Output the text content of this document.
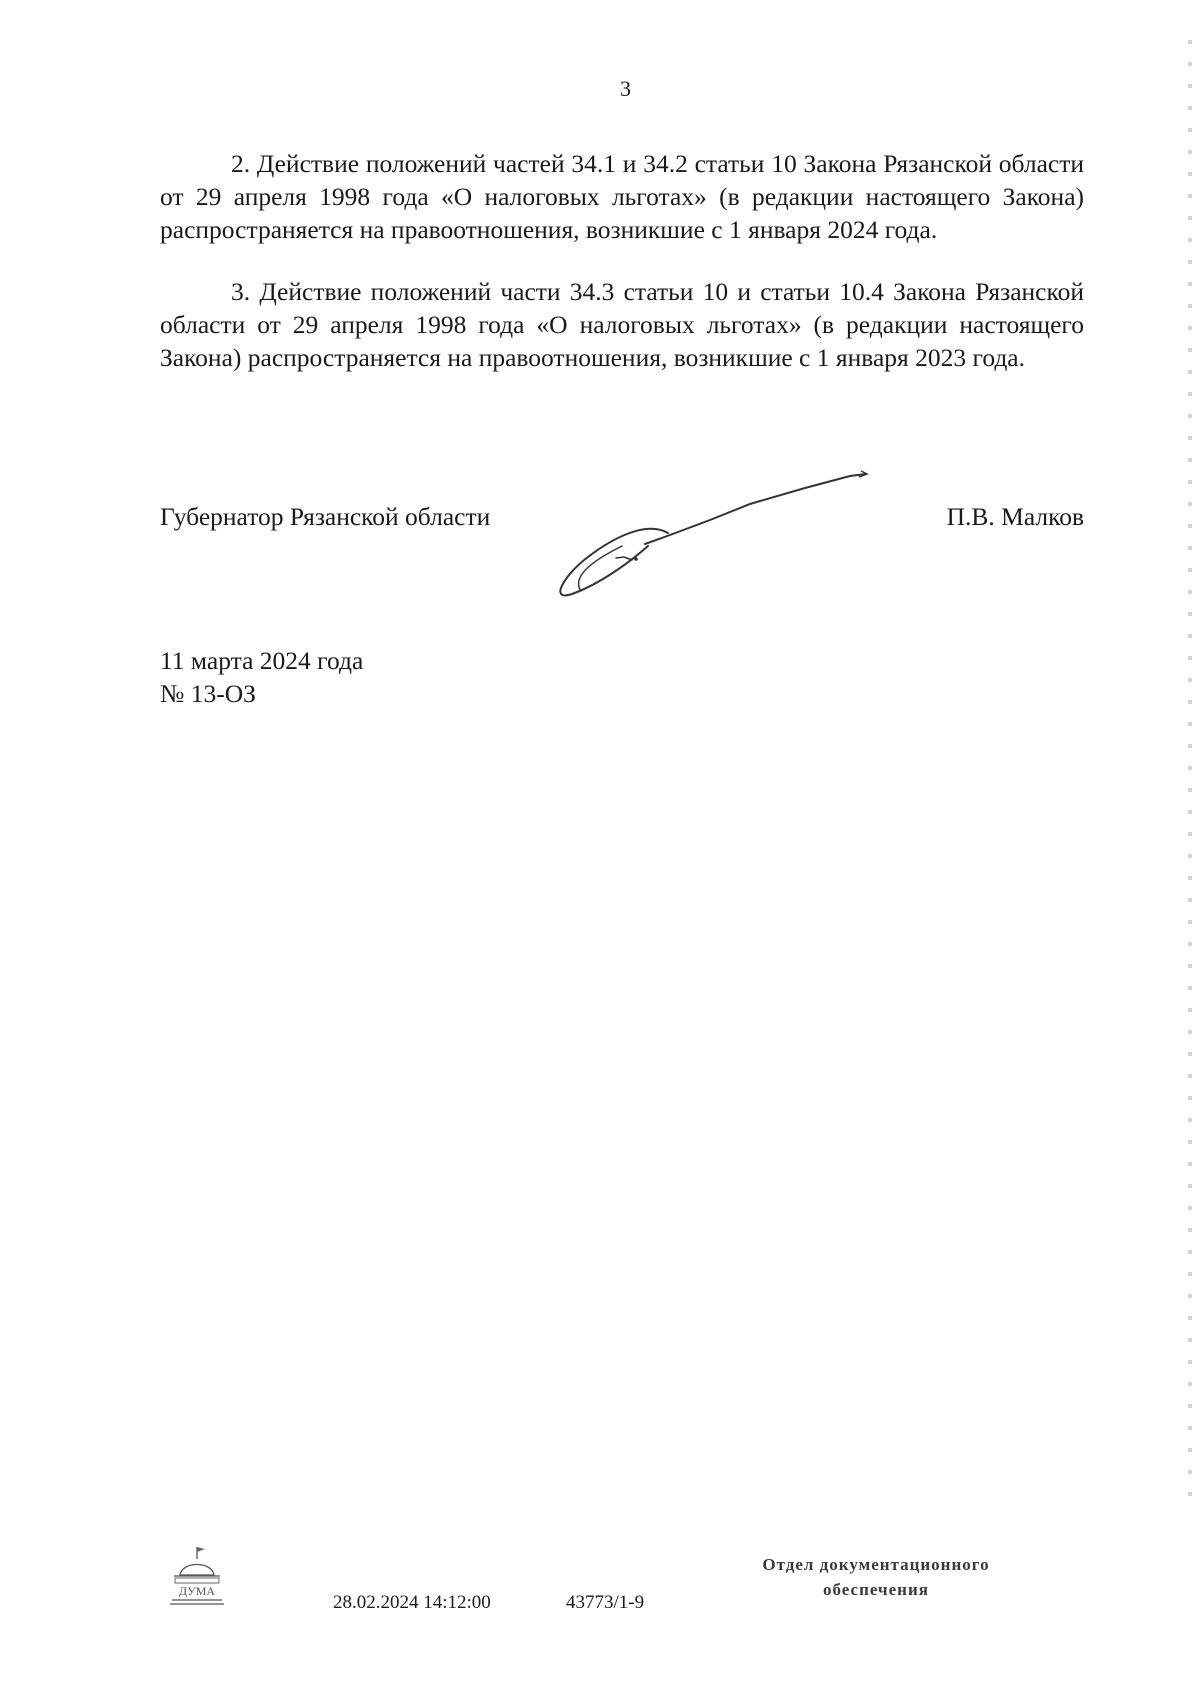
3

2. Действие положений частей 34.1 и 34.2 статьи 10 Закона Рязанской области от 29 апреля 1998 года «О налоговых льготах» (в редакции настоящего Закона) распространяется на правоотношения, возникшие с 1 января 2024 года.

3. Действие положений части 34.3 статьи 10 и статьи 10.4 Закона Рязанской области от 29 апреля 1998 года «О налоговых льготах» (в редакции настоящего Закона) распространяется на правоотношения, возникшие с 1 января 2023 года.

Губернатор Рязанской области	П.В. Малков
11 марта 2024 года
№ 13-ОЗ
ДУМА
28.02.2024 14:12:00	43773/1-9
Отдел документационного
обеспечения
